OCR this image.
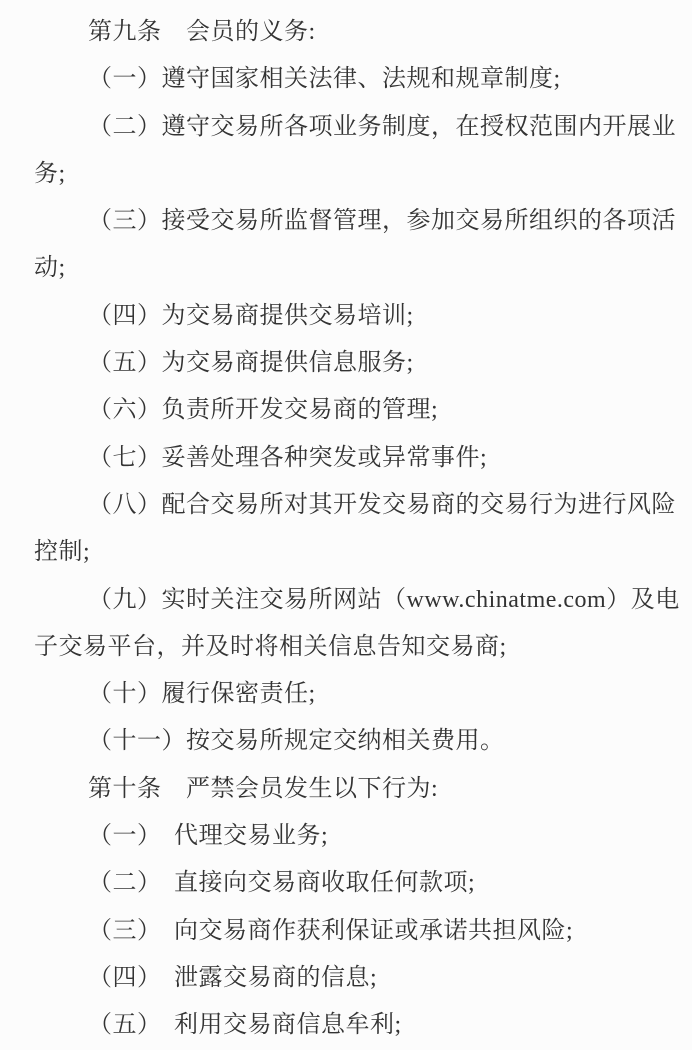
第九条　会员的义务:

（一）遵守国家相关法律、法规和规章制度;

（二）遵守交易所各项业务制度，在授权范围内开展业
务;

（三）接受交易所监督管理，参加交易所组织的各项活
动;

（四）为交易商提供交易培训;

（五）为交易商提供信息服务;

（六）负责所开发交易商的管理;

（七）妥善处理各种突发或异常事件;

（八）配合交易所对其开发交易商的交易行为进行风险
控制;

（九）实时关注交易所网站（www.chinatme.com）及电
子交易平台，并及时将相关信息告知交易商;

（十）履行保密责任;

（十一）按交易所规定交纳相关费用。

第十条　严禁会员发生以下行为:

（一）　代理交易业务;

（二）　直接向交易商收取任何款项;

（三）　向交易商作获利保证或承诺共担风险;

（四）　泄露交易商的信息;

（五）　利用交易商信息牟利;
